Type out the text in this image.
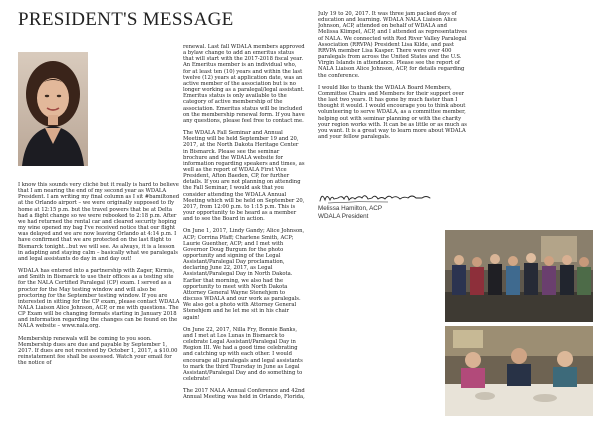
PRESIDENT'S MESSAGE

I know this sounds very cliché but it really is hard to believe that I am nearing the end of my second year as WDALA President. I am writing my final column as I sit #bamiltoned at the Orlando airport – we were originally supposed to fly home at 12:15 p.m. but the travel powers that be at Delta had a flight change so we were rebooked to 2:18 p.m. After we had returned the rental car and cleared security hoping my wine opened my bag I've received notice that our flight was delayed and we are now leaving Orlando at 4:14 p.m. I have confirmed that we are protected on the last flight to Bismarck tonight...but we will see. As always, it is a lesson in adapting and staying calm – basically what we paralegals and legal assistants do day in and day out!

WDALA has entered into a partnership with Zager, Kirmis, and Smith in Bismarck to use their offices as a testing site for the NALA Certified Paralegal (CP) exam. I served as a proctor for the May testing window and will also be proctoring for the September testing window. If you are interested in sitting for the CP exam, please contact WDALA NALA Liaison Alice Johnson, ACP, or me with questions. The CP Exam will be changing formats starting in January 2018 and information regarding the changes can be found on the NALA website – www.nala.org.

Membership renewals will be coming to you soon. Membership dues are due and payable by September 1, 2017. If dues are not received by October 1, 2017, a $10.00 reinstatement fee shall be assessed. Watch your email for the notice of

renewal. Last fall WDALA members approved a bylaw change to add an emeritus status that will start with the 2017-2018 fiscal year. An Emeritus member is an individual who, for at least ten (10) years and within the last twelve (12) years at application date, was an active member of the association but is no longer working as a paralegal/legal assistant. Emeritus status is only available to the category of active membership of the association. Emeritus status will be included on the membership renewal form. If you have any questions, please feel free to contact me.

The WDALA Fall Seminar and Annual Meeting will be held September 19 and 20, 2017, at the North Dakota Heritage Center in Bismarck. Please see the seminar brochure and the WDALA website for information regarding speakers and times, as well as the report of WDALA First Vice President, Afton Baeden, CP, for further details. If you are not planning on attending the Fall Seminar, I would ask that you consider attending the WDALA Annual Meeting which will be held on September 20, 2017, from 12:00 p.m. to 1:15 p.m. This is your opportunity to be heard as a member and to see the Board in action.

On June 1, 2017, Lindy Gandy; Alice Johnson, ACP; Corrina Pfaff; Charlene Smith, ACP; Laurie Guenther, ACP; and I met with Governor Doug Burgum for the photo opportunity and signing of the Legal Assistant/Paralegal Day proclamation, declaring June 22, 2017, as Legal Assistant/Paralegal Day in North Dakota. Earlier that morning, we also had the opportunity to meet with North Dakota Attorney General Wayne Stenehjem to discuss WDALA and our work as paralegals. We also got a photo with Attorney General Stenehjem and he let me sit in his chair again!

On June 22, 2017, Nilla Fry, Bonnie Banks, and I met at Los Lunas in Bismarck to celebrate Legal Assistant/Paralegal Day in Region III. We had a good time celebrating and catching up with each other. I would encourage all paralegals and legal assistants to mark the third Thursday in June as Legal Assistant/Paralegal Day and do something to celebrate!

The 2017 NALA Annual Conference and 42nd Annual Meeting was held in Orlando, Florida,

July 19 to 20, 2017. It was three jam packed days of education and learning. WDALA NALA Liaison Alice Johnson, ACP, attended on behalf of WDALA and Melissa Klimpel, ACP, and I attended as representatives of NALA. We connected with Red River Valley Paralegal Association (RRVPA) President Lisa Kilde, and past RRVPA member Lisa Kasper. There were over 400 paralegals from across the United States and the U.S. Virgin Islands in attendance. Please see the report of NALA Liaison Alice Johnson, ACP, for details regarding the conference.

I would like to thank the WDALA Board Members, Committee Chairs and Members for their support over the last two years. It has gone by much faster than I thought it would. I would encourage you to think about volunteering to serve WDALA, as a committee member, helping out with seminar planning or with the charity your region works with. It can be as little or as much as you want. It is a great way to learn more about WDALA and your fellow paralegals.

Melissa Hamilton, ACP
WDALA President
